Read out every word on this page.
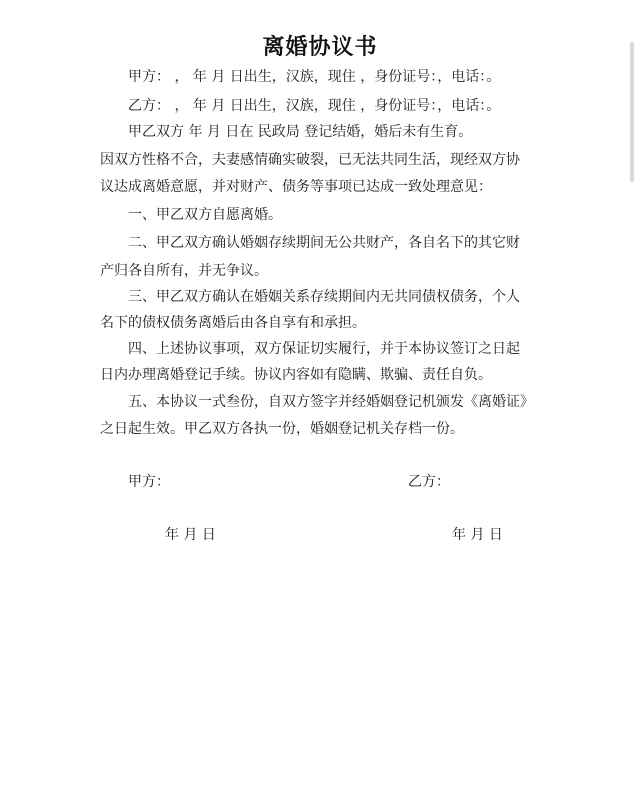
离婚协议书
甲方： ， 年 月 日出生，汉族，现住 ，身份证号：，电话：。
乙方： ， 年 月 日出生，汉族，现住 ，身份证号：，电话：。
甲乙双方 年 月 日在 民政局 登记结婚，婚后未有生育。
因双方性格不合，夫妻感情确实破裂，已无法共同生活，现经双方协
议达成离婚意愿，并对财产、债务等事项已达成一致处理意见：
一、甲乙双方自愿离婚。
二、甲乙双方确认婚姻存续期间无公共财产，各自名下的其它财
产归各自所有，并无争议。
三、甲乙双方确认在婚姻关系存续期间内无共同债权债务，个人
名下的债权债务离婚后由各自享有和承担。
四、上述协议事项，双方保证切实履行，并于本协议签订之日起
日内办理离婚登记手续。协议内容如有隐瞒、欺骗、责任自负。
五、本协议一式叁份，自双方签字并经婚姻登记机颁发《离婚证》
之日起生效。甲乙双方各执一份，婚姻登记机关存档一份。
甲方：	乙方：
年 月 日	年 月 日
